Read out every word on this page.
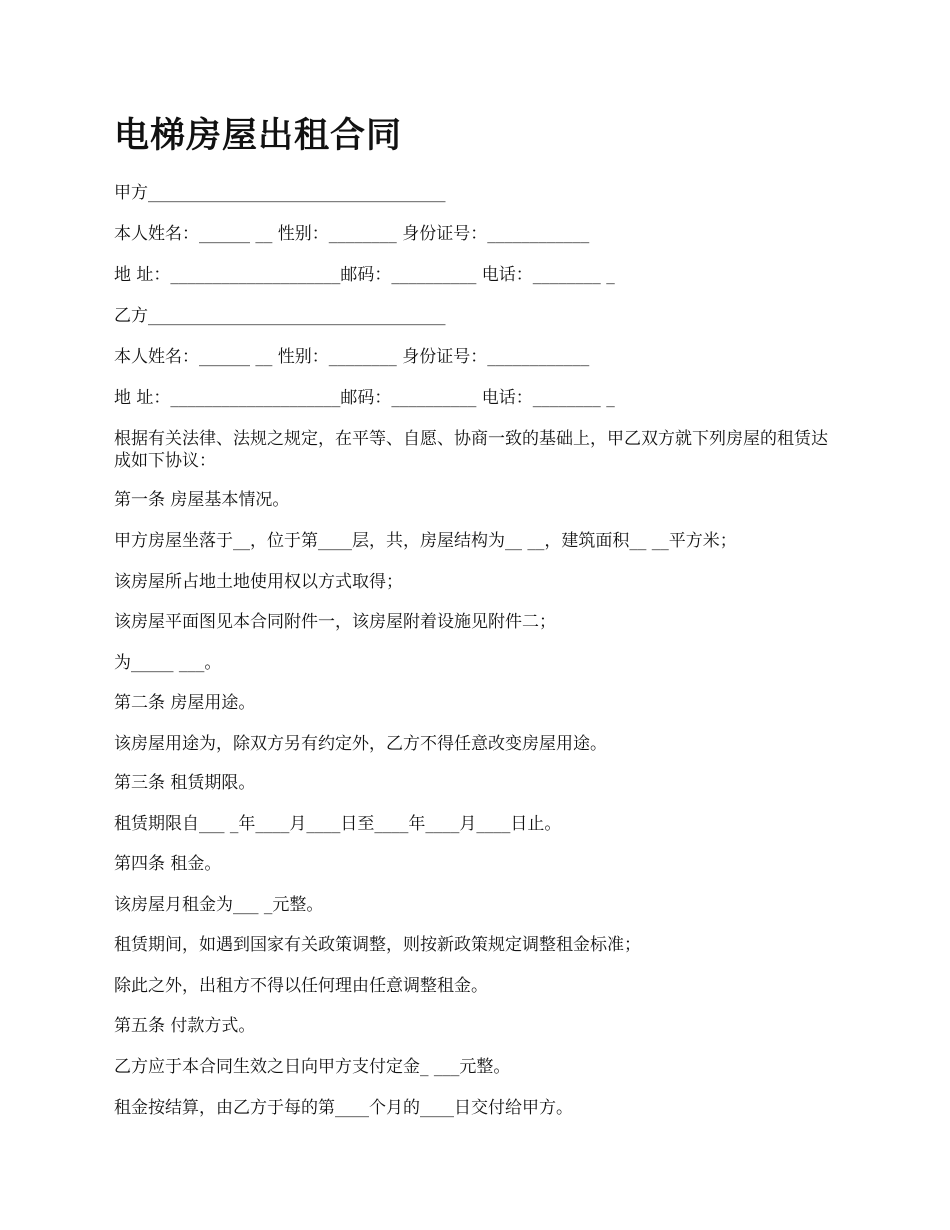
电梯房屋出租合同

甲方___________________________________

本人姓名：______ __ 性别：________ 身份证号：____________

地 址：____________________邮码：__________ 电话：________ _

乙方___________________________________

本人姓名：______ __ 性别：________ 身份证号：____________

地 址：____________________邮码：__________ 电话：________ _

根据有关法律、法规之规定，在平等、自愿、协商一致的基础上，甲乙双方就下列房屋的租赁达成如下协议：

第一条 房屋基本情况。

甲方房屋坐落于__，位于第____层，共，房屋结构为__ __，建筑面积__ __平方米；

该房屋所占地土地使用权以方式取得；

该房屋平面图见本合同附件一，该房屋附着设施见附件二；

为_____ ___。

第二条 房屋用途。

该房屋用途为，除双方另有约定外，乙方不得任意改变房屋用途。

第三条 租赁期限。

租赁期限自___ _年____月____日至____年____月____日止。

第四条 租金。

该房屋月租金为___ _元整。

租赁期间，如遇到国家有关政策调整，则按新政策规定调整租金标准；

除此之外，出租方不得以任何理由任意调整租金。

第五条 付款方式。

乙方应于本合同生效之日向甲方支付定金_ ___元整。

租金按结算，由乙方于每的第____个月的____日交付给甲方。
